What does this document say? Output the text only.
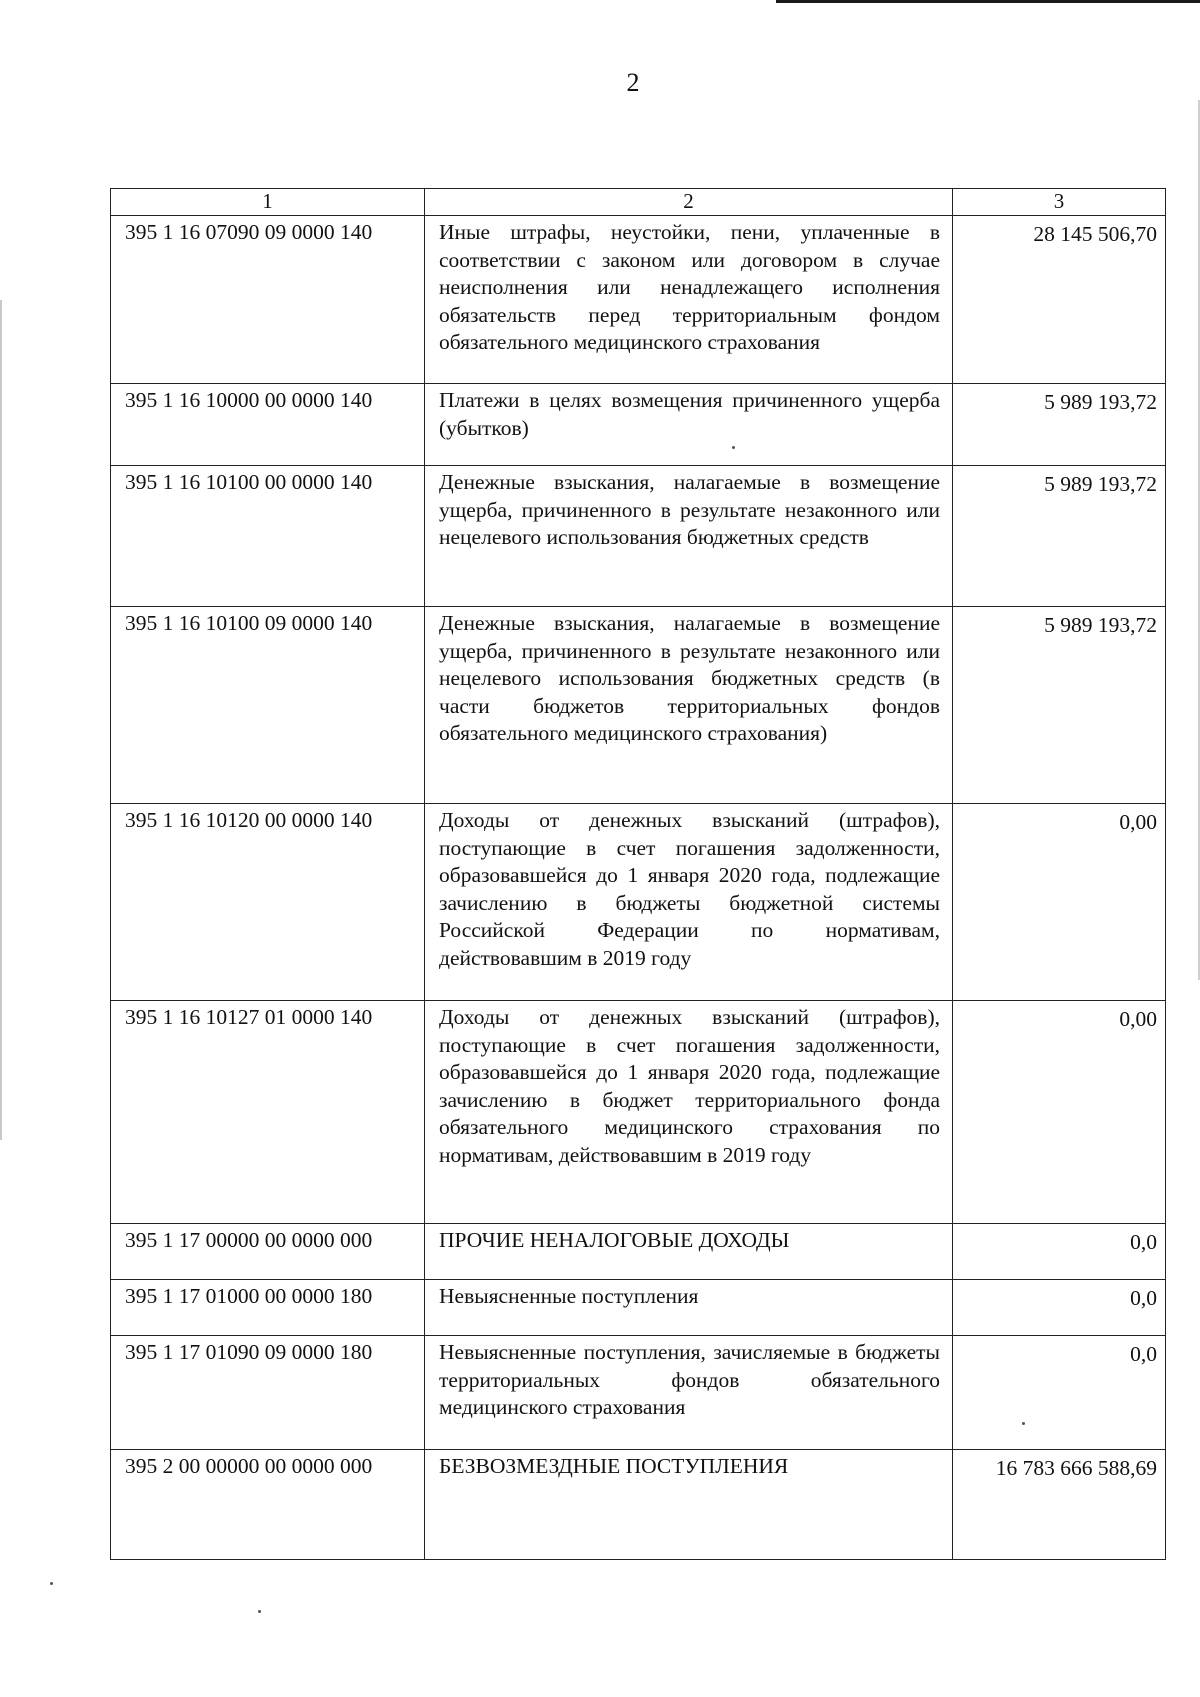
2
1	2	3
395 1 16 07090 09 0000 140	Иные штрафы, неустойки, пени, уплаченные в соответствии с законом или договором в случае неисполнения или ненадлежащего исполнения обязательств перед территориальным фондом обязательного медицинского страхования	28 145 506,70
395 1 16 10000 00 0000 140	Платежи в целях возмещения причиненного ущерба (убытков)	5 989 193,72
395 1 16 10100 00 0000 140	Денежные взыскания, налагаемые в возмещение ущерба, причиненного в результате незаконного или нецелевого использования бюджетных средств	5 989 193,72
395 1 16 10100 09 0000 140	Денежные взыскания, налагаемые в возмещение ущерба, причиненного в результате незаконного или нецелевого использования бюджетных средств (в части бюджетов территориальных фондов обязательного медицинского страхования)	5 989 193,72
395 1 16 10120 00 0000 140	Доходы от денежных взысканий (штрафов), поступающие в счет погашения задолженности, образовавшейся до 1 января 2020 года, подлежащие зачислению в бюджеты бюджетной системы Российской Федерации по нормативам, действовавшим в 2019 году	0,00
395 1 16 10127 01 0000 140	Доходы от денежных взысканий (штрафов), поступающие в счет погашения задолженности, образовавшейся до 1 января 2020 года, подлежащие зачислению в бюджет территориального фонда обязательного медицинского страхования по нормативам, действовавшим в 2019 году	0,00
395 1 17 00000 00 0000 000	ПРОЧИЕ НЕНАЛОГОВЫЕ ДОХОДЫ	0,0
395 1 17 01000 00 0000 180	Невыясненные поступления	0,0
395 1 17 01090 09 0000 180	Невыясненные поступления, зачисляемые в бюджеты территориальных фондов обязательного медицинского страхования	0,0
395 2 00 00000 00 0000 000	БЕЗВОЗМЕЗДНЫЕ ПОСТУПЛЕНИЯ	16 783 666 588,69
